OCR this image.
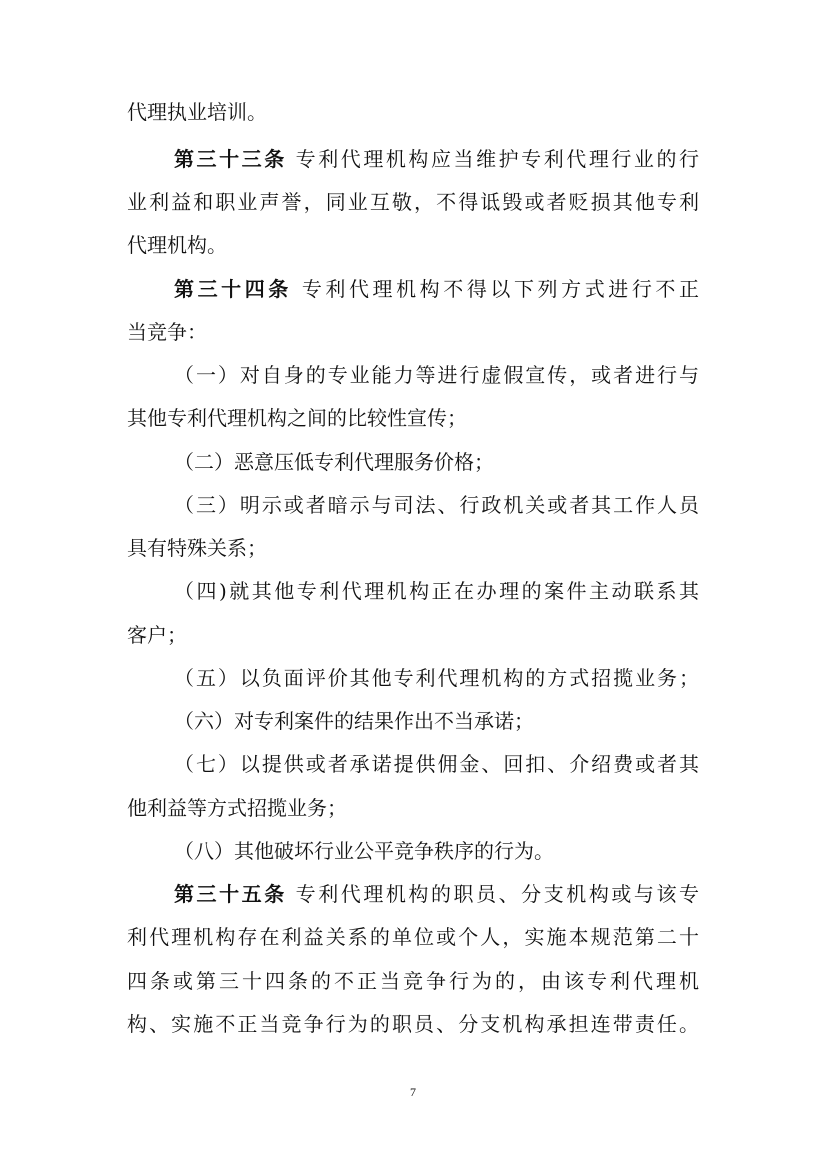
代理执业培训。
第三十三条 专利代理机构应当维护专利代理行业的行
业利益和职业声誉，同业互敬，不得诋毁或者贬损其他专利
代理机构。
第三十四条 专利代理机构不得以下列方式进行不正
当竞争：
（一）对自身的专业能力等进行虚假宣传，或者进行与
其他专利代理机构之间的比较性宣传；
（二）恶意压低专利代理服务价格；
（三）明示或者暗示与司法、行政机关或者其工作人员
具有特殊关系；
（四)就其他专利代理机构正在办理的案件主动联系其
客户；
（五）以负面评价其他专利代理机构的方式招揽业务；
（六）对专利案件的结果作出不当承诺；
（七）以提供或者承诺提供佣金、回扣、介绍费或者其
他利益等方式招揽业务；
（八）其他破坏行业公平竞争秩序的行为。
第三十五条 专利代理机构的职员、分支机构或与该专
利代理机构存在利益关系的单位或个人，实施本规范第二十
四条或第三十四条的不正当竞争行为的，由该专利代理机
构、实施不正当竞争行为的职员、分支机构承担连带责任。
7
